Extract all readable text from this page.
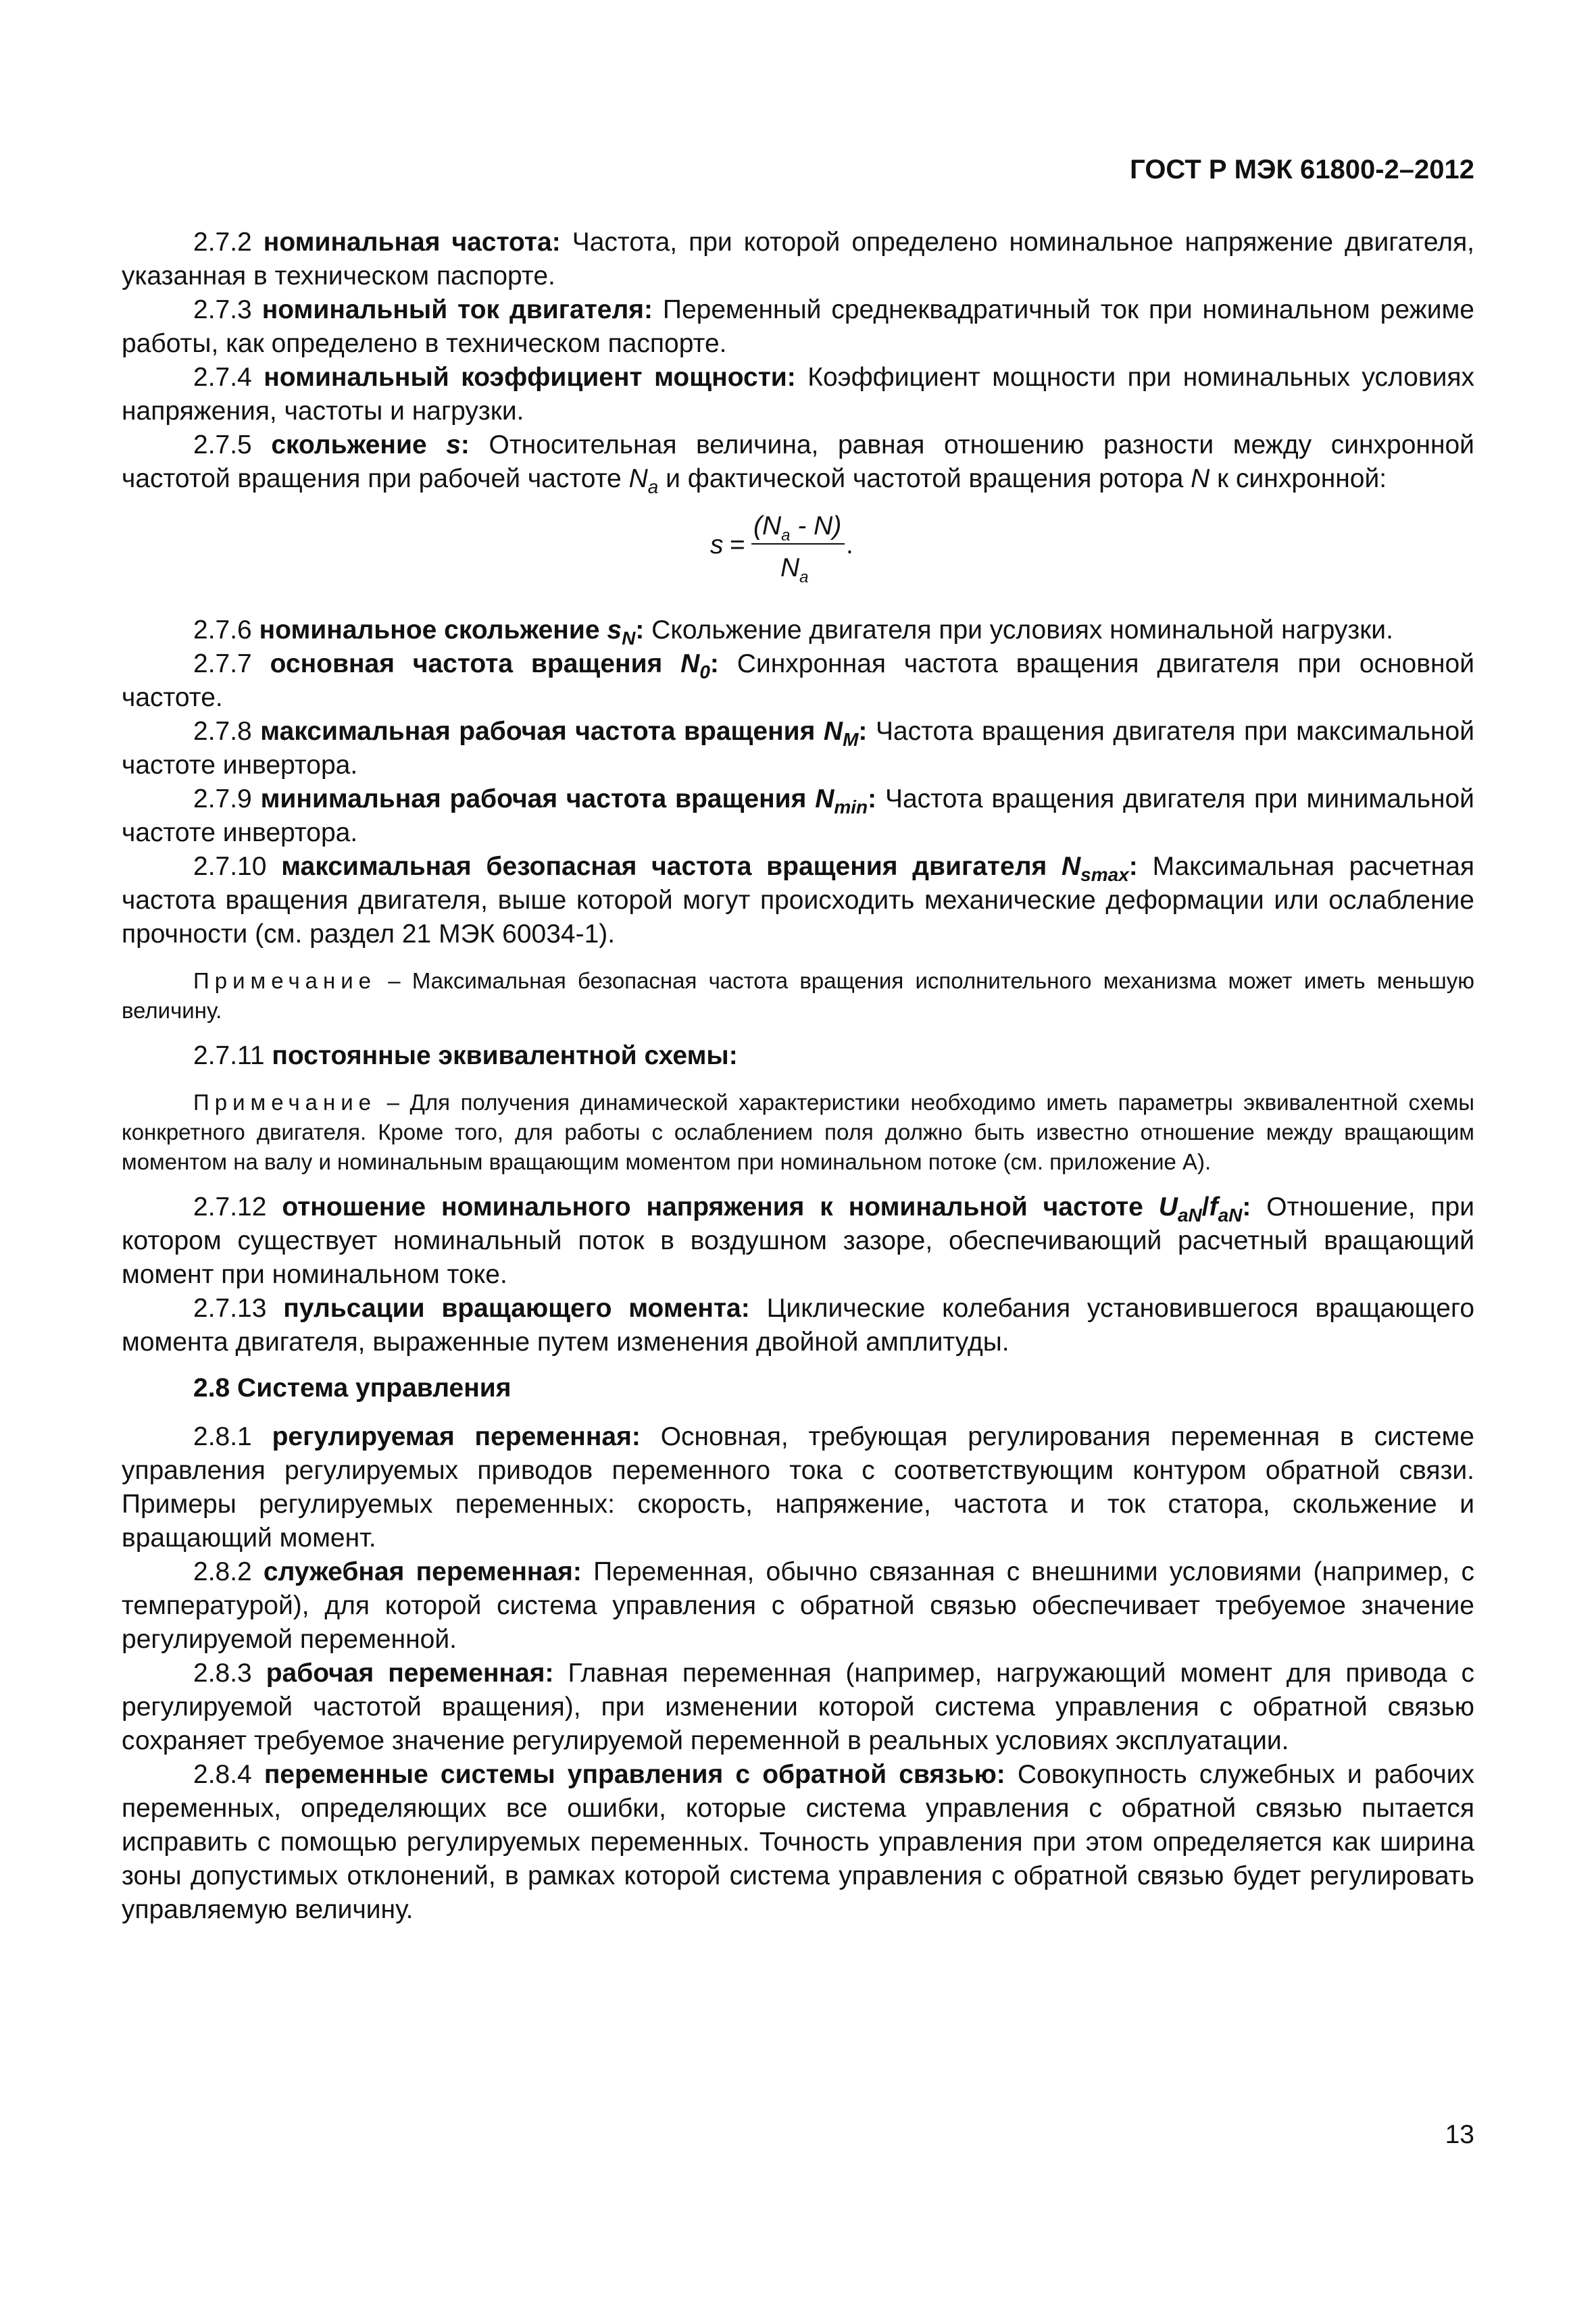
ГОСТ Р МЭК 61800-2–2012

2.7.2 номинальная частота: Частота, при которой определено номинальное напряжение двигателя, указанная в техническом паспорте.

2.7.3 номинальный ток двигателя: Переменный среднеквадратичный ток при номинальном режиме работы, как определено в техническом паспорте.

2.7.4 номинальный коэффициент мощности: Коэффициент мощности при номинальных условиях напряжения, частоты и нагрузки.

2.7.5 скольжение s: Относительная величина, равная отношению разности между синхронной частотой вращения при рабочей частоте $N_a$ и фактической частотой вращения ротора N к синхронной:

s =
$(N_a - N)$
$N_a$
.

2.7.6 номинальное скольжение $s_N$: Скольжение двигателя при условиях номинальной нагрузки.

2.7.7 основная частота вращения $N_0$: Синхронная частота вращения двигателя при основной частоте.

2.7.8 максимальная рабочая частота вращения $N_M$: Частота вращения двигателя при максимальной частоте инвертора.

2.7.9 минимальная рабочая частота вращения $N_{min}$: Частота вращения двигателя при минимальной частоте инвертора.

2.7.10 максимальная безопасная частота вращения двигателя $N_{smax}$: Максимальная расчетная частота вращения двигателя, выше которой могут происходить механические деформации или ослабление прочности (см. раздел 21 МЭК 60034-1).

Примечание – Максимальная безопасная частота вращения исполнительного механизма может иметь меньшую величину.

2.7.11 постоянные эквивалентной схемы:

Примечание – Для получения динамической характеристики необходимо иметь параметры эквивалентной схемы конкретного двигателя. Кроме того, для работы с ослаблением поля должно быть известно отношение между вращающим моментом на валу и номинальным вращающим моментом при номинальном потоке (см. приложение А).

2.7.12 отношение номинального напряжения к номинальной частоте $U_{aN}/f_{aN}$: Отношение, при котором существует номинальный поток в воздушном зазоре, обеспечивающий расчетный вращающий момент при номинальном токе.

2.7.13 пульсации вращающего момента: Циклические колебания установившегося вращающего момента двигателя, выраженные путем изменения двойной амплитуды.

2.8 Система управления

2.8.1 регулируемая переменная: Основная, требующая регулирования переменная в системе управления регулируемых приводов переменного тока с соответствующим контуром обратной связи. Примеры регулируемых переменных: скорость, напряжение, частота и ток статора, скольжение и вращающий момент.

2.8.2 служебная переменная: Переменная, обычно связанная с внешними условиями (например, с температурой), для которой система управления с обратной связью обеспечивает требуемое значение регулируемой переменной.

2.8.3 рабочая переменная: Главная переменная (например, нагружающий момент для привода с регулируемой частотой вращения), при изменении которой система управления с обратной связью сохраняет требуемое значение регулируемой переменной в реальных условиях эксплуатации.

2.8.4 переменные системы управления с обратной связью: Совокупность служебных и рабочих переменных, определяющих все ошибки, которые система управления с обратной связью пытается исправить с помощью регулируемых переменных. Точность управления при этом определяется как ширина зоны допустимых отклонений, в рамках которой система управления с обратной связью будет регулировать управляемую величину.

13
